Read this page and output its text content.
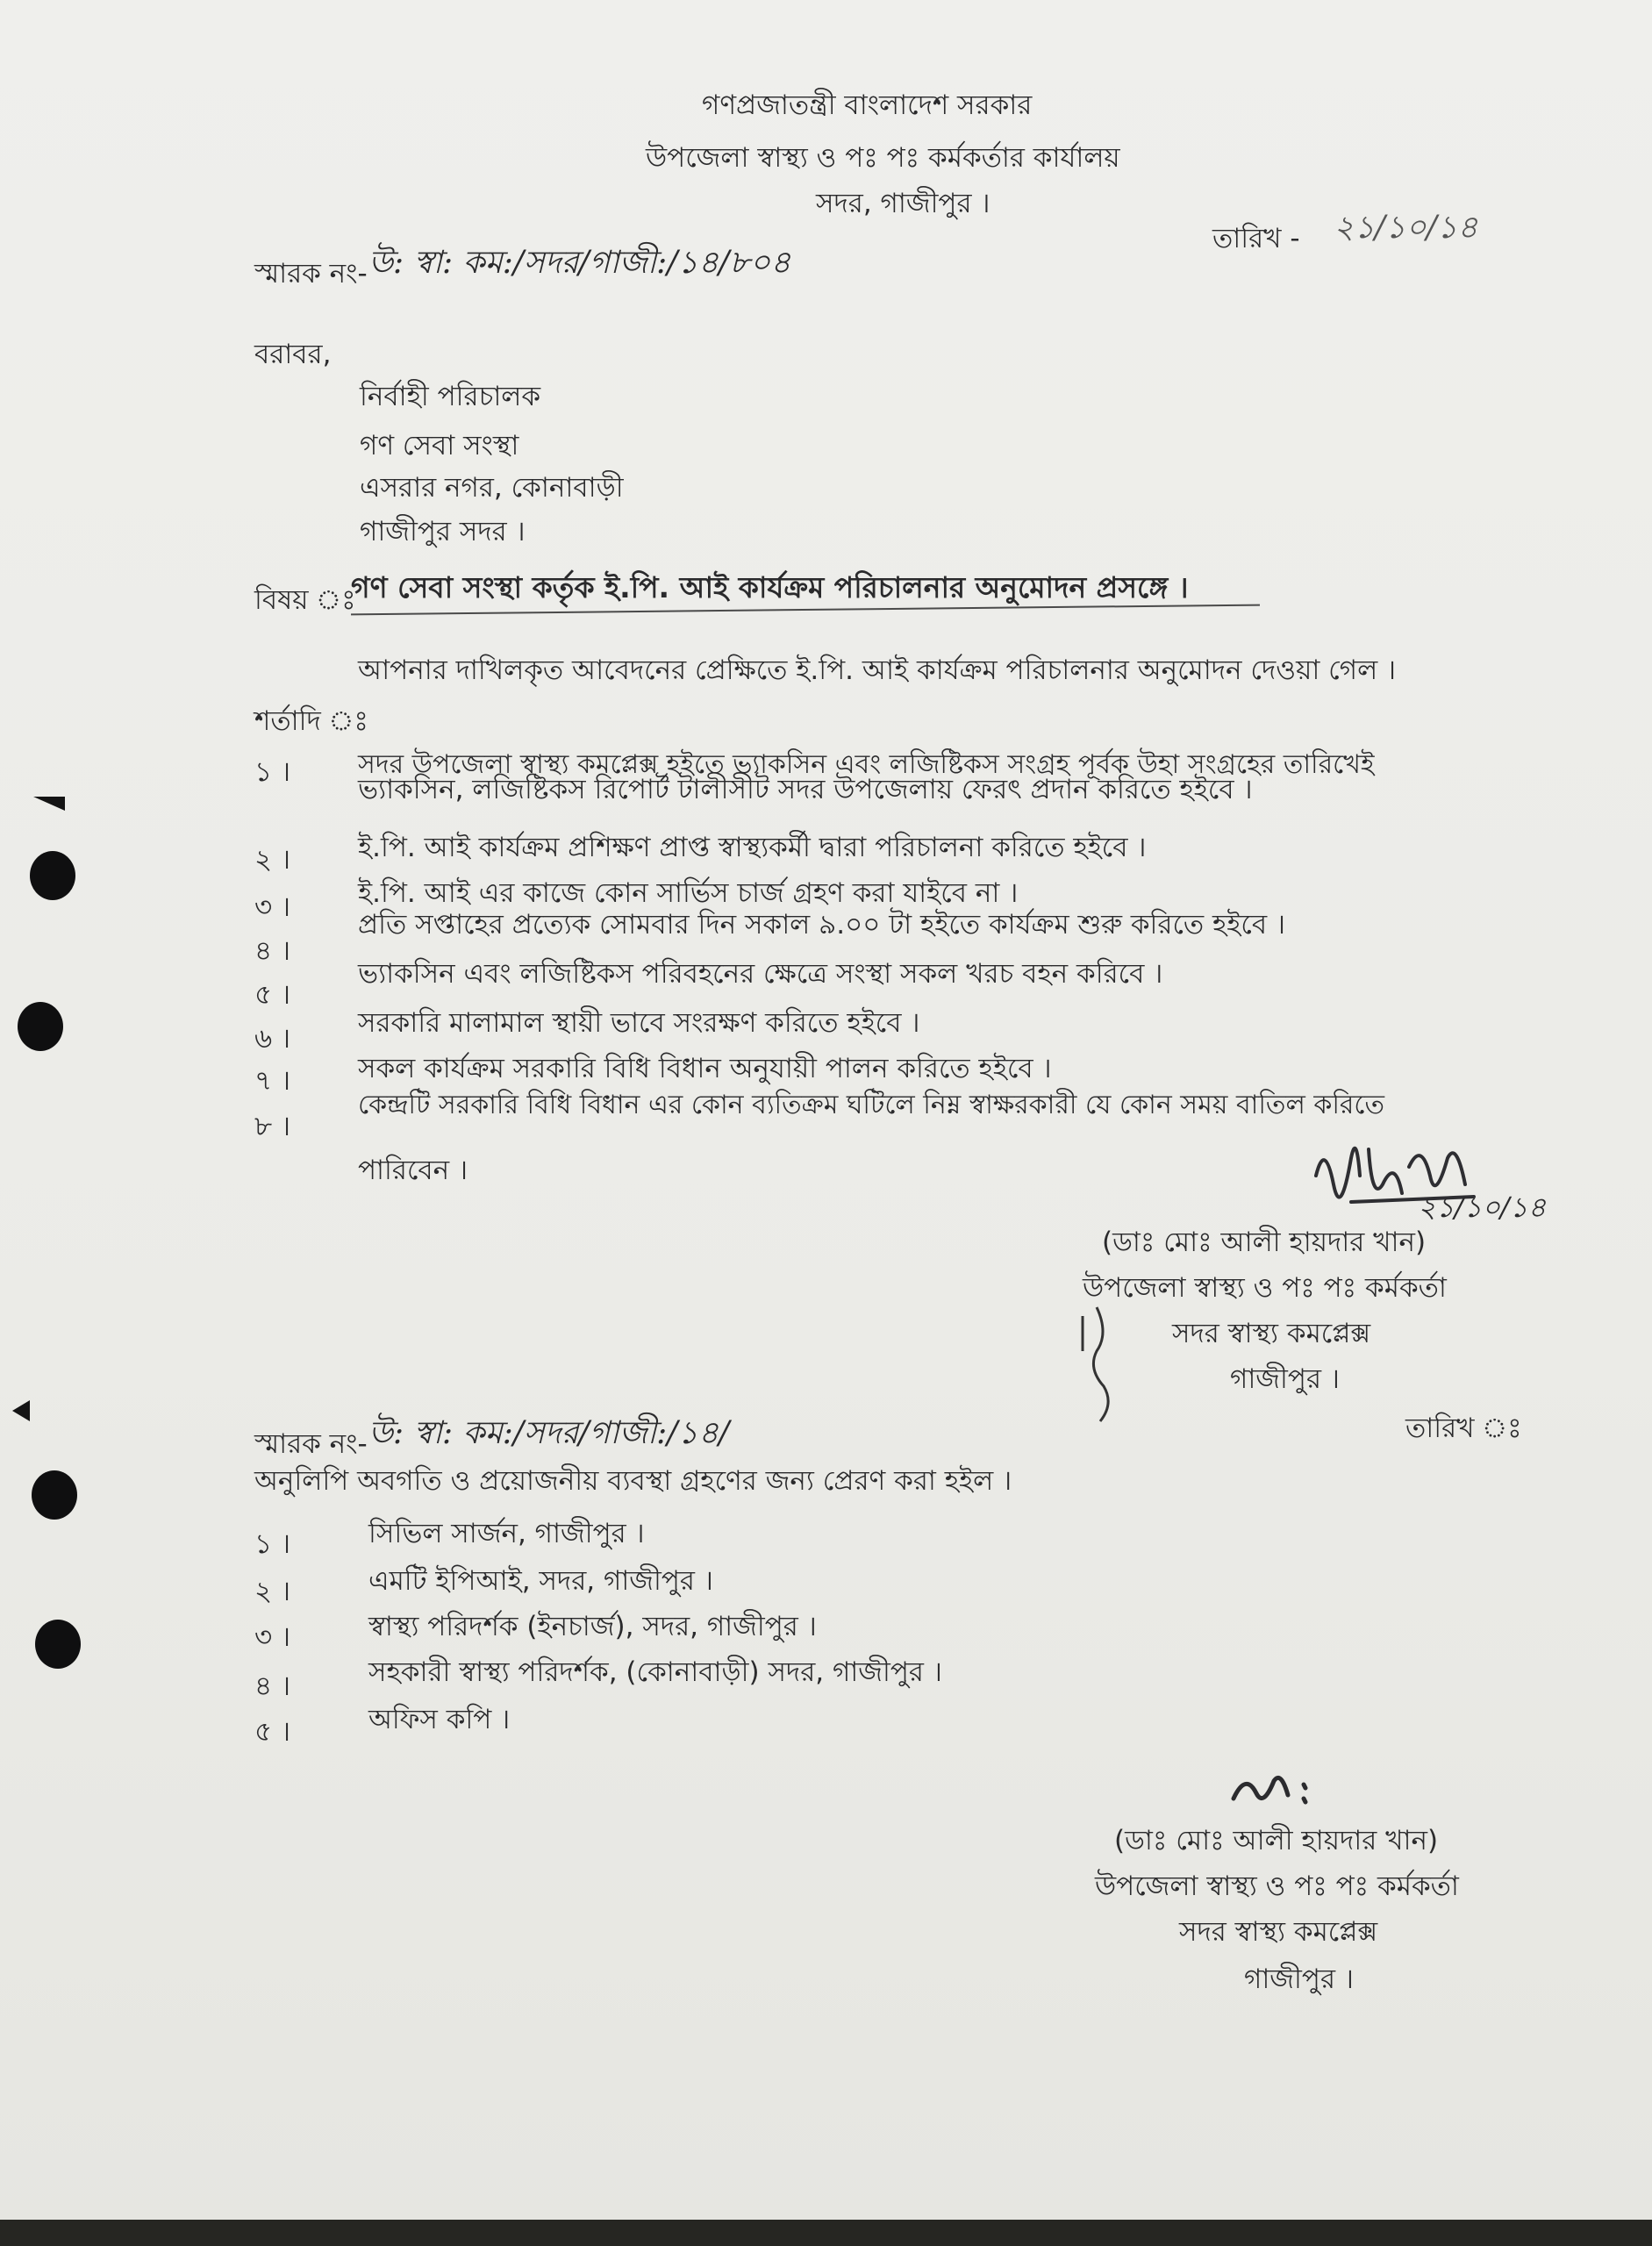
গণপ্রজাতন্ত্রী বাংলাদেশ সরকার
উপজেলা স্বাস্থ্য ও পঃ পঃ কর্মকর্তার কার্যালয়
সদর, গাজীপুর ।
তারিখ - ২১/১০/১৪
স্মারক নং- উ: স্বা: কম:/সদর/গাজী:/১৪/৮০৪
বরাবর,
নির্বাহী পরিচালক
গণ সেবা সংস্থা
এসরার নগর, কোনাবাড়ী
গাজীপুর সদর ।
বিষয় ঃ
গণ সেবা সংস্থা কর্তৃক ই.পি. আই কার্যক্রম পরিচালনার অনুমোদন প্রসঙ্গে ।
আপনার দাখিলকৃত আবেদনের প্রেক্ষিতে ই.পি. আই কার্যক্রম পরিচালনার অনুমোদন দেওয়া গেল ।
শর্তাদি ঃ
১ ।	সদর উপজেলা স্বাস্থ্য কমপ্লেক্স হইতে ভ্যাকসিন এবং লজিষ্টিকস সংগ্রহ পূর্বক উহা সংগ্রহের তারিখেই
ভ্যাকসিন, লজিষ্টিকস রিপোর্ট টালীসীট সদর উপজেলায় ফেরৎ প্রদান করিতে হইবে ।
২ । ই.পি. আই কার্যক্রম প্রশিক্ষণ প্রাপ্ত স্বাস্থ্যকর্মী দ্বারা পরিচালনা করিতে হইবে ।
৩ । ই.পি. আই এর কাজে কোন সার্ভিস চার্জ গ্রহণ করা যাইবে না ।
৪ ।
প্রতি সপ্তাহের প্রত্যেক সোমবার দিন সকাল ৯.০০ টা হইতে কার্যক্রম শুরু করিতে হইবে ।
৫ ।
ভ্যাকসিন এবং লজিষ্টিকস পরিবহনের ক্ষেত্রে সংস্থা সকল খরচ বহন করিবে ।
৬ । সরকারি মালামাল স্থায়ী ভাবে সংরক্ষণ করিতে হইবে ।
৭ । সকল কার্যক্রম সরকারি বিধি বিধান অনুযায়ী পালন করিতে হইবে ।
৮ ।
কেন্দ্রটি সরকারি বিধি বিধান এর কোন ব্যতিক্রম ঘটিলে নিম্ন স্বাক্ষরকারী যে কোন সময় বাতিল করিতে
পারিবেন ।
২১/১০/১৪
(ডাঃ মোঃ আলী হায়দার খান)
উপজেলা স্বাস্থ্য ও পঃ পঃ কর্মকর্তা
সদর স্বাস্থ্য কমপ্লেক্স
গাজীপুর ।
স্মারক নং- উ: স্বা: কম:/সদর/গাজী:/১৪/	তারিখ ঃ
অনুলিপি অবগতি ও প্রয়োজনীয় ব্যবস্থা গ্রহণের জন্য প্রেরণ করা হইল ।
১ ।	সিভিল সার্জন, গাজীপুর ।
২ ।	এমটি ইপিআই, সদর, গাজীপুর ।
৩ ।	স্বাস্থ্য পরিদর্শক (ইনচার্জ), সদর, গাজীপুর ।
৪ ।	সহকারী স্বাস্থ্য পরিদর্শক, (কোনাবাড়ী) সদর, গাজীপুর ।
৫ ।	অফিস কপি ।
(ডাঃ মোঃ আলী হায়দার খান)
উপজেলা স্বাস্থ্য ও পঃ পঃ কর্মকর্তা
সদর স্বাস্থ্য কমপ্লেক্স
গাজীপুর ।
